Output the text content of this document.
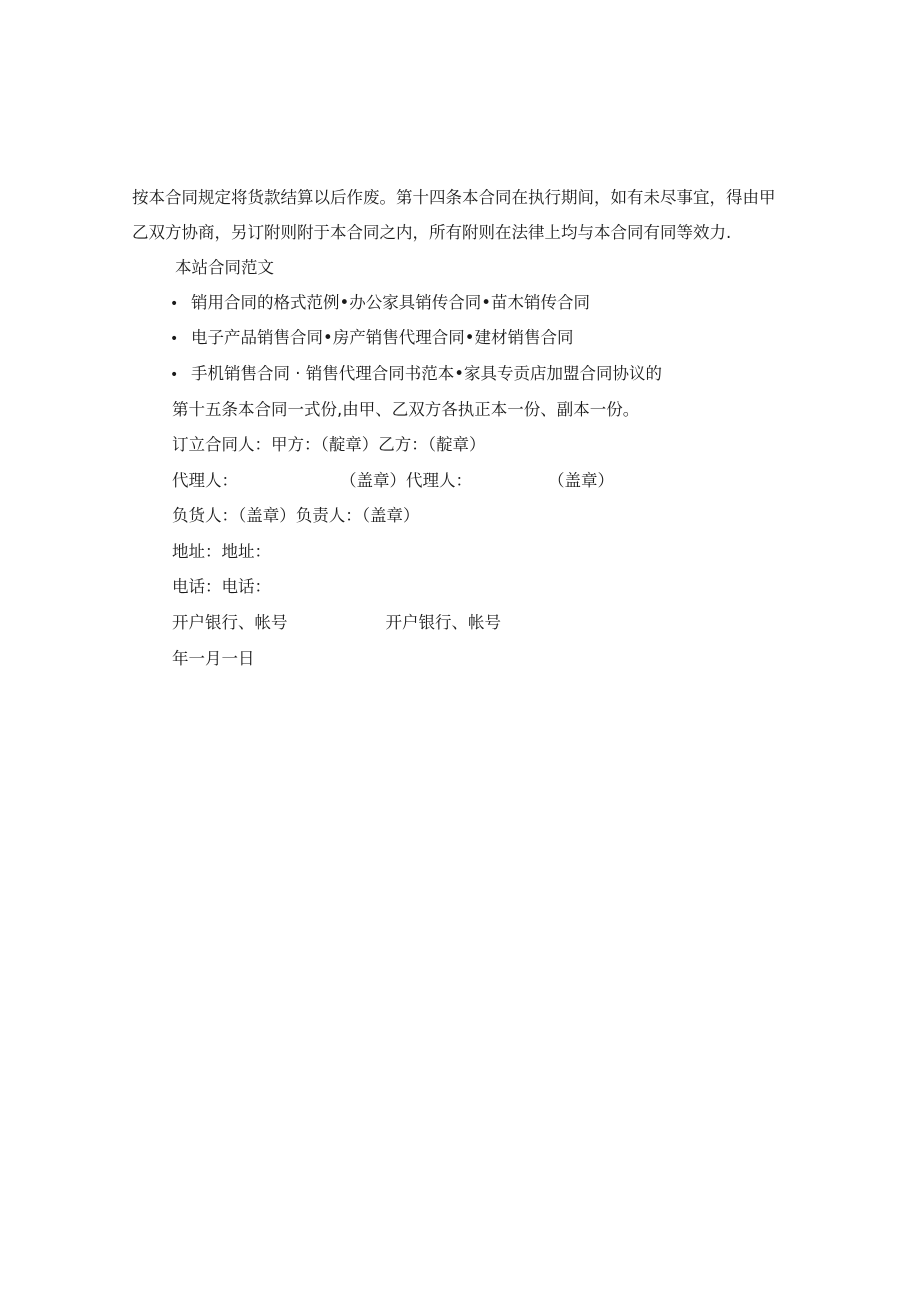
按本合同规定将货款结算以后作废。第十四条本合同在执行期间，如有未尽事宜，得由甲
乙双方协商，另订附则附于本合同之内，所有附则在法律上均与本合同有同等效力.

本站合同范文
• 销用合同的格式范例•办公家具销传合同•苗木销传合同
• 电子产品销售合同•房产销售代理合同•建材销售合同
• 手机销售合同 · 销售代理合同书范本•家具专贡店加盟合同协议的
第十五条本合同一式份,由甲、乙双方各执正本一份、副本一份。
订立合同人：甲方：（靛章）乙方：（靛章）
代理人：	（盖章）代理人：	（盖章）
负货人：（盖章）负责人：（盖章）
地址：地址：
电话：电话：
开户银行、帐号	开户银行、帐号
年一月一日
